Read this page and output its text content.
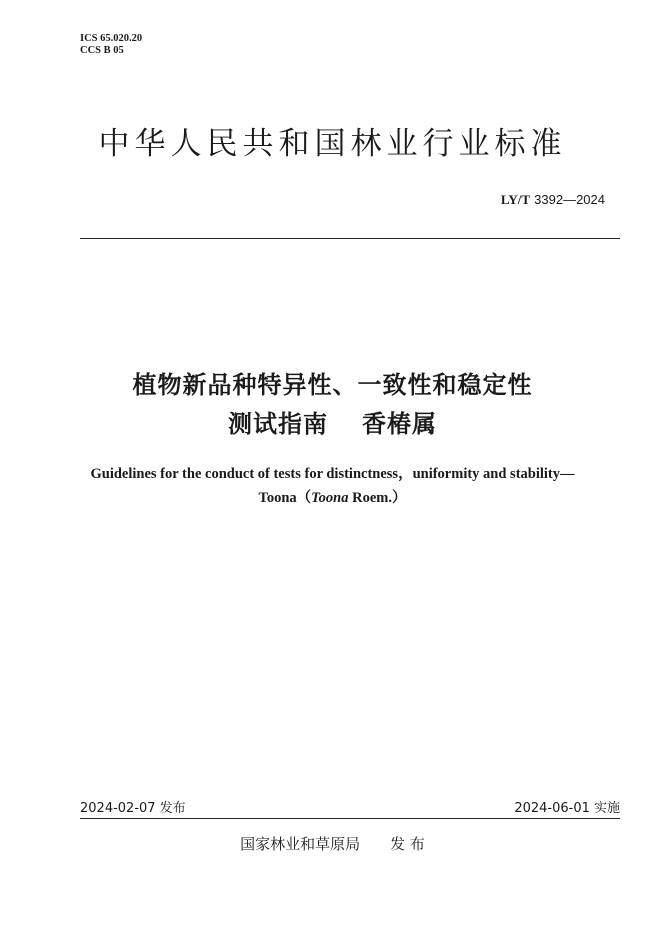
ICS 65.020.20
CCS B 05
中华人民共和国林业行业标准
LY/T 3392—2024
植物新品种特异性、一致性和稳定性
测试指南 香椿属
Guidelines for the conduct of tests for distinctness，uniformity and stability—
Toona（Toona Roem.）
2024-02-07 发布	2024-06-01 实施
国家林业和草原局 发 布
